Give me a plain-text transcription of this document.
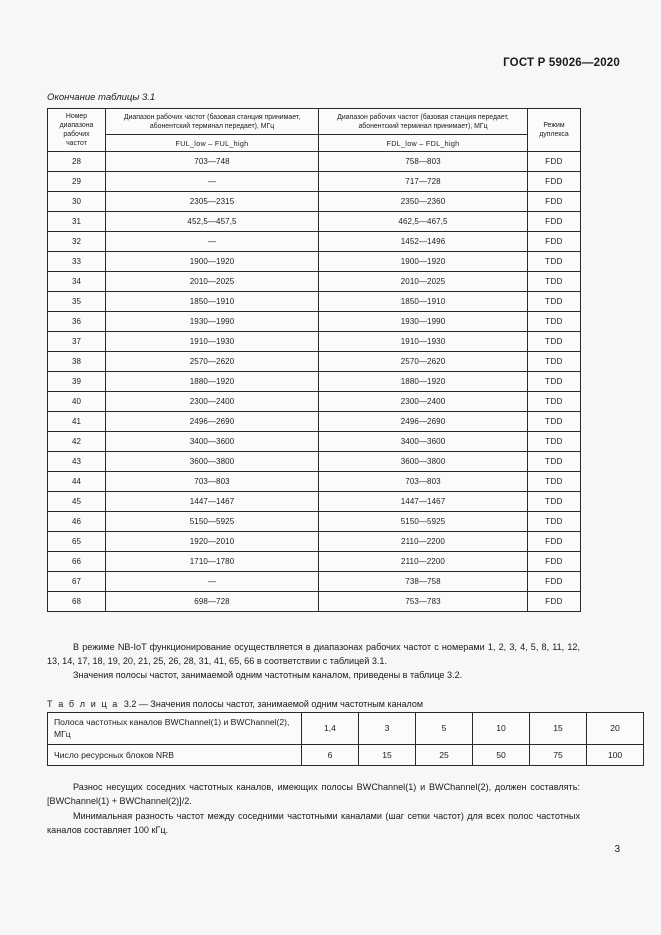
ГОСТ Р 59026—2020
Окончание таблицы 3.1
Номер диапазона рабочих частот	Диапазон рабочих частот (базовая станция принимает, абонентский терминал передает), МГц	Диапазон рабочих частот (базовая станция передает, абонентский терминал принимает), МГц	Режим дуплекса
	FUL_low – FUL_high	FDL_low – FDL_high	
28	703—748	758—803	FDD
29	—	717—728	FDD
30	2305—2315	2350—2360	FDD
31	452,5—457,5	462,5—467,5	FDD
32	—	1452—1496	FDD
33	1900—1920	1900—1920	TDD
34	2010—2025	2010—2025	TDD
35	1850—1910	1850—1910	TDD
36	1930—1990	1930—1990	TDD
37	1910—1930	1910—1930	TDD
38	2570—2620	2570—2620	TDD
39	1880—1920	1880—1920	TDD
40	2300—2400	2300—2400	TDD
41	2496—2690	2496—2690	TDD
42	3400—3600	3400—3600	TDD
43	3600—3800	3600—3800	TDD
44	703—803	703—803	TDD
45	1447—1467	1447—1467	TDD
46	5150—5925	5150—5925	TDD
65	1920—2010	2110—2200	FDD
66	1710—1780	2110—2200	FDD
67	—	738—758	FDD
68	698—728	753—783	FDD
В режиме NB-IoT функционирование осуществляется в диапазонах рабочих частот с номерами 1, 2, 3, 4, 5, 8, 11, 12, 13, 14, 17, 18, 19, 20, 21, 25, 26, 28, 31, 41, 65, 66 в соответствии с таблицей 3.1.
Значения полосы частот, занимаемой одним частотным каналом, приведены в таблице 3.2.
Т а б л и ц а 3.2 — Значения полосы частот, занимаемой одним частотным каналом
Полоса частотных каналов BWChannel(1) и BWChannel(2), МГц	1,4	3	5	10	15	20
Число ресурсных блоков NRB	6	15	25	50	75	100
Разнос несущих соседних частотных каналов, имеющих полосы BWChannel(1) и BWChannel(2), должен составлять: [BWChannel(1) + BWChannel(2)]/2.
Минимальная разность частот между соседними частотными каналами (шаг сетки частот) для всех полос частотных каналов составляет 100 кГц.
3
